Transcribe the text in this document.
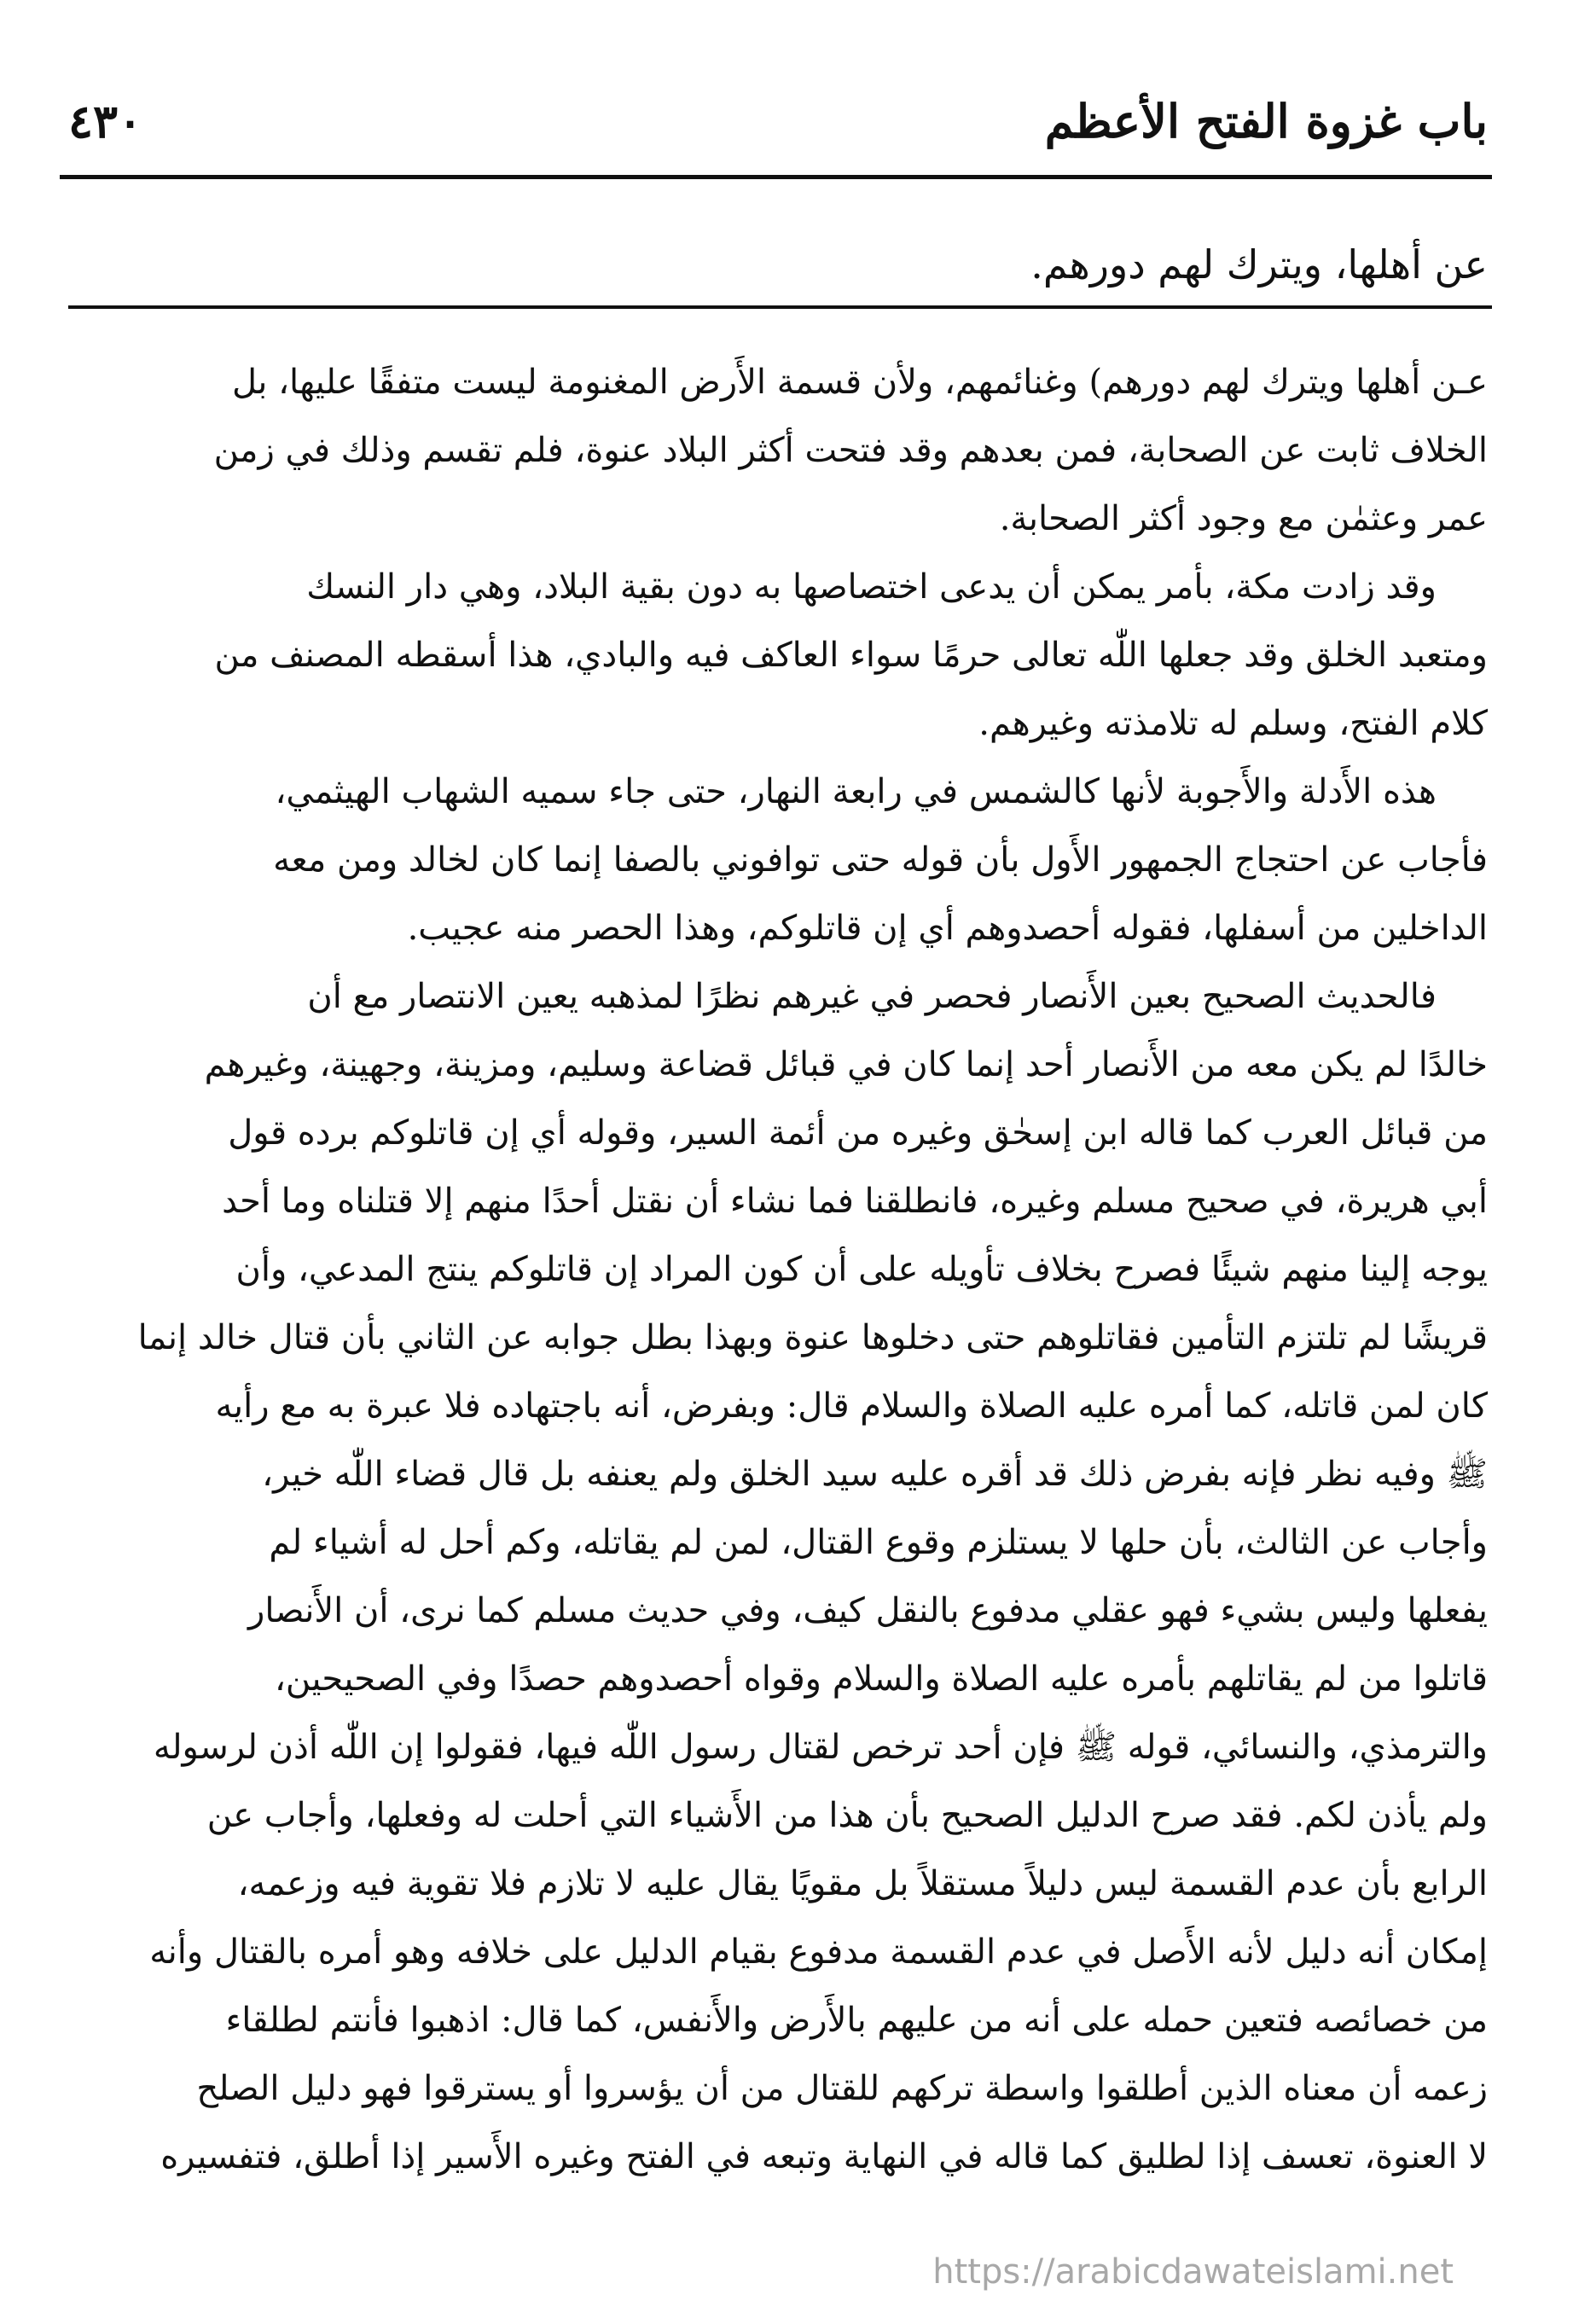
باب غزوة الفتح الأعظم
٤٣٠
عن أهلها، ويترك لهم دورهم.
عـن أهلها ويترك لهم دورهم) وغنائمهم، ولأن قسمة الأَرض المغنومة ليست متفقًا عليها، بل
الخلاف ثابت عن الصحابة، فمن بعدهم وقد فتحت أكثر البلاد عنوة، فلم تقسم وذلك في زمن
عمر وعثمٰن مع وجود أكثر الصحابة.
وقد زادت مكة، بأمر يمكن أن يدعى اختصاصها به دون بقية البلاد، وهي دار النسك
ومتعبد الخلق وقد جعلها اللّٰه تعالى حرمًا سواء العاكف فيه والبادي، هذا أسقطه المصنف من
كلام الفتح، وسلم له تلامذته وغيرهم.
هذه الأَدلة والأَجوبة لأنها كالشمس في رابعة النهار، حتى جاء سميه الشهاب الهيثمي،
فأجاب عن احتجاج الجمهور الأَول بأن قوله حتى توافوني بالصفا إنما كان لخالد ومن معه
الداخلين من أسفلها، فقوله أحصدوهم أي إن قاتلوكم، وهذا الحصر منه عجيب.
فالحديث الصحيح بعين الأَنصار فحصر في غيرهم نظرًا لمذهبه يعين الانتصار مع أن
خالدًا لم يكن معه من الأَنصار أحد إنما كان في قبائل قضاعة وسليم، ومزينة، وجهينة، وغيرهم
من قبائل العرب كما قاله ابن إسحٰق وغيره من أئمة السير، وقوله أي إن قاتلوكم برده قول
أبي هريرة، في صحيح مسلم وغيره، فانطلقنا فما نشاء أن نقتل أحدًا منهم إلا قتلناه وما أحد
يوجه إلينا منهم شيئًا فصرح بخلاف تأويله على أن كون المراد إن قاتلوكم ينتج المدعي، وأن
قريشًا لم تلتزم التأمين فقاتلوهم حتى دخلوها عنوة وبهذا بطل جوابه عن الثاني بأن قتال خالد إنما
كان لمن قاتله، كما أمره عليه الصلاة والسلام قال: وبفرض، أنه باجتهاده فلا عبرة به مع رأيه
ﷺ وفيه نظر فإنه بفرض ذلك قد أقره عليه سيد الخلق ولم يعنفه بل قال قضاء اللّٰه خير،
وأجاب عن الثالث، بأن حلها لا يستلزم وقوع القتال، لمن لم يقاتله، وكم أحل له أشياء لم
يفعلها وليس بشيء فهو عقلي مدفوع بالنقل كيف، وفي حديث مسلم كما نرى، أن الأَنصار
قاتلوا من لم يقاتلهم بأمره عليه الصلاة والسلام وقواه أحصدوهم حصدًا وفي الصحيحين،
والترمذي، والنسائي، قوله ﷺ فإن أحد ترخص لقتال رسول اللّٰه فيها، فقولوا إن اللّٰه أذن لرسوله
ولم يأذن لكم. فقد صرح الدليل الصحيح بأن هذا من الأَشياء التي أحلت له وفعلها، وأجاب عن
الرابع بأن عدم القسمة ليس دليلاً مستقلاً بل مقويًا يقال عليه لا تلازم فلا تقوية فيه وزعمه،
إمكان أنه دليل لأنه الأَصل في عدم القسمة مدفوع بقيام الدليل على خلافه وهو أمره بالقتال وأنه
من خصائصه فتعين حمله على أنه من عليهم بالأَرض والأَنفس، كما قال: اذهبوا فأنتم لطلقاء
زعمه أن معناه الذين أطلقوا واسطة تركهم للقتال من أن يؤسروا أو يسترقوا فهو دليل الصلح
لا العنوة، تعسف إذا لطليق كما قاله في النهاية وتبعه في الفتح وغيره الأَسير إذا أطلق، فتفسيره
https://arabicdawateislami.net
